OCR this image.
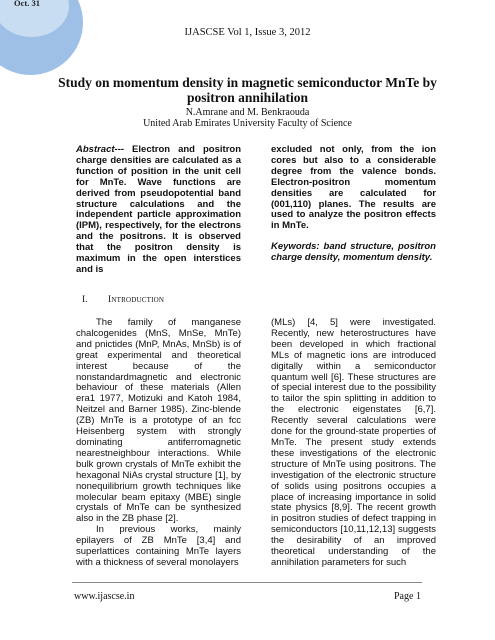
Oct. 31
IJASCSE Vol 1, Issue 3, 2012
Study on momentum density in magnetic semiconductor MnTe by positron annihilation
N.Amrane and M. Benkraouda
United Arab Emirates University Faculty of Science
Abstract--- Electron and positron charge densities are calculated as a function of position in the unit cell for MnTe. Wave functions are derived from pseudopotential band structure calculations and the independent particle approximation (IPM), respectively, for the electrons and the positrons. It is observed that the positron density is maximum in the open interstices and is
excluded not only, from the ion cores but also to a considerable degree from the valence bonds. Electron-positron momentum densities are calculated for (001,110) planes. The results are used to analyze the positron effects in MnTe.
Keywords: band structure, positron charge density, momentum density.
I. Introduction

The family of manganese chalcogenides (MnS, MnSe, MnTe) and pnictides (MnP, MnAs, MnSb) is of great experimental and theoretical interest because of the nonstandardmagnetic and electronic behaviour of these materials (Allen era1 1977, Motizuki and Katoh 1984, Neitzel and Barner 1985). Zinc-blende (ZB) MnTe is a prototype of an fcc Heisenberg system with strongly dominating antiferromagnetic nearestneighbour interactions. While bulk grown crystals of MnTe exhibit the hexagonal NiAs crystal structure [1], by nonequilibrium growth techniques like molecular beam epitaxy (MBE) single crystals of MnTe can be synthesized also in the ZB phase [2].

In previous works, mainly epilayers of ZB MnTe [3,4] and superlattices containing MnTe layers with a thickness of several monolayers

(MLs) [4, 5] were investigated. Recently, new heterostructures have been developed in which fractional MLs of magnetic ions are introduced digitally within a semiconductor quantum well [6]. These structures are of special interest due to the possibility to tailor the spin splitting in addition to the electronic eigenstates [6,7]. Recently several calculations were done for the ground-state properties of MnTe. The present study extends these investigations of the electronic structure of MnTe using positrons. The investigation of the electronic structure of solids using positrons occupies a place of increasing importance in solid state physics [8,9]. The recent growth in positron studies of defect trapping in semiconductors [10,11,12,13] suggests the desirability of an improved theoretical understanding of the annihilation parameters for such

www.ijascse.in	Page 1
